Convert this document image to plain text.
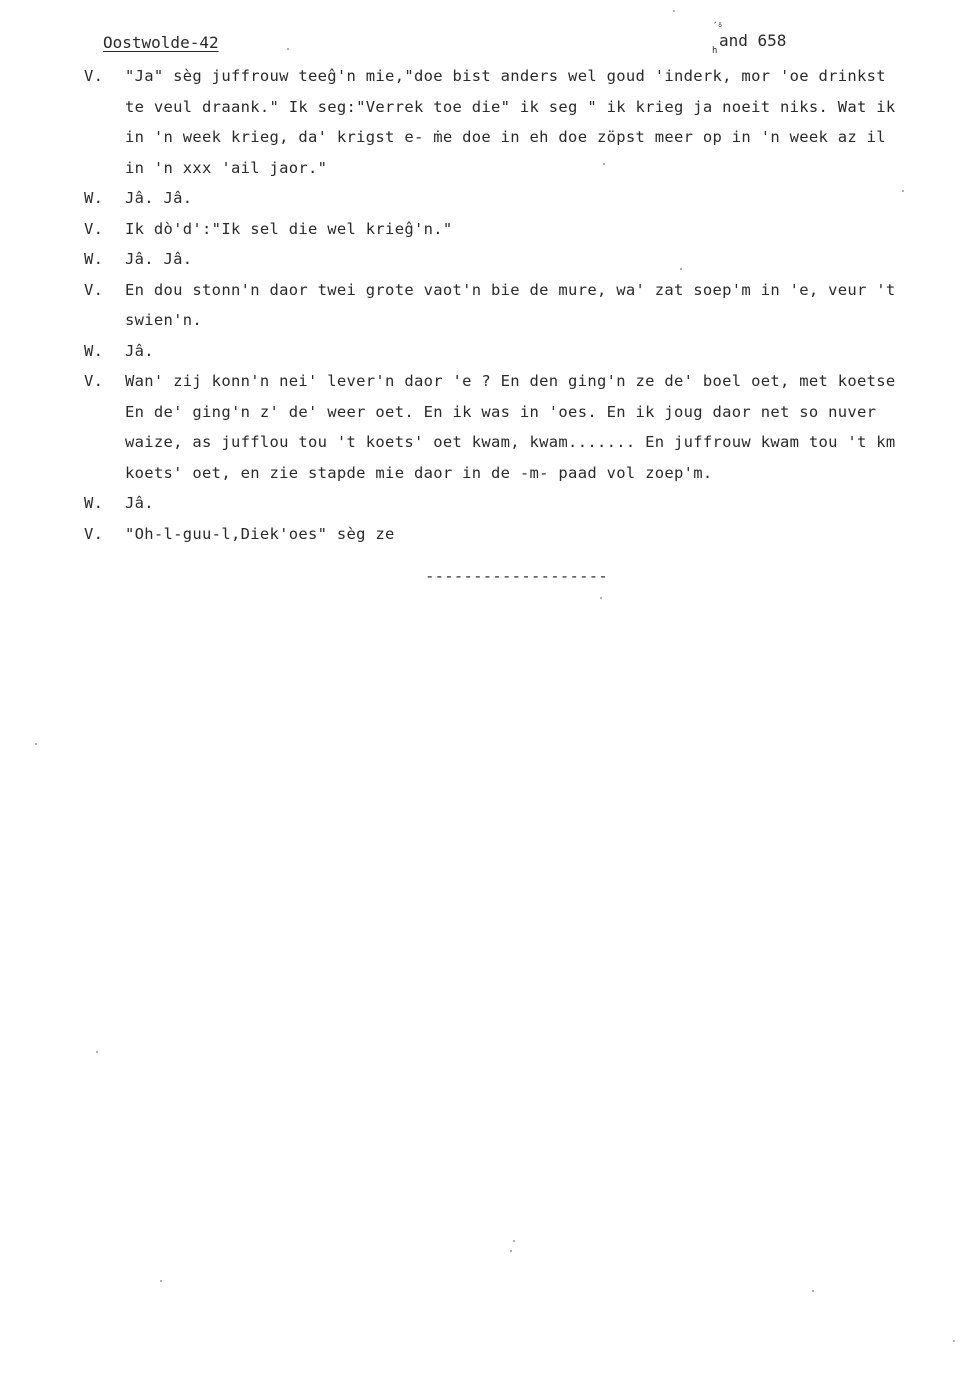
Oostwolde-42
´ᵟ
and 658
h
V.	"Ja" sèg juffrouw teeĝ'n mie,"doe bist anders wel goud 'inderk, mor 'oe drinkst
te veul draank." Ik seg:"Verrek toe die" ik seg " ik krieg ja noeit niks. Wat ik
in 'n week krieg, da' krigst e- ṁe doe in eh doe zöpst meer op in 'n week az il
in 'n xxx 'ail jaor."
W.	Jâ. Jâ.
V.	Ik dò'd':"Ik sel die wel krieĝ'n."
W.	Jâ. Jâ.
V.	En dou stonn'n daor twei grote vaot'n bie de mure, wa' zat soep'm in 'e, veur 't
swien'n.
W.	Jâ.
V.	Wan' zij konn'n nei' lever'n daor 'e ? En den ging'n ze de' boel oet, met koetse
En de' ging'n z' de' weer oet. En ik was in 'oes. En ik joug daor net so nuver
waize, as jufflou tou 't koets' oet kwam, kwam....... En juffrouw kwam tou 't km
koets' oet, en zie stapde mie daor in de -m- paad vol zoep'm.
W.	Jâ.
V.	"Oh-l-guu-l,Diek'oes" sèg ze
-------------------
